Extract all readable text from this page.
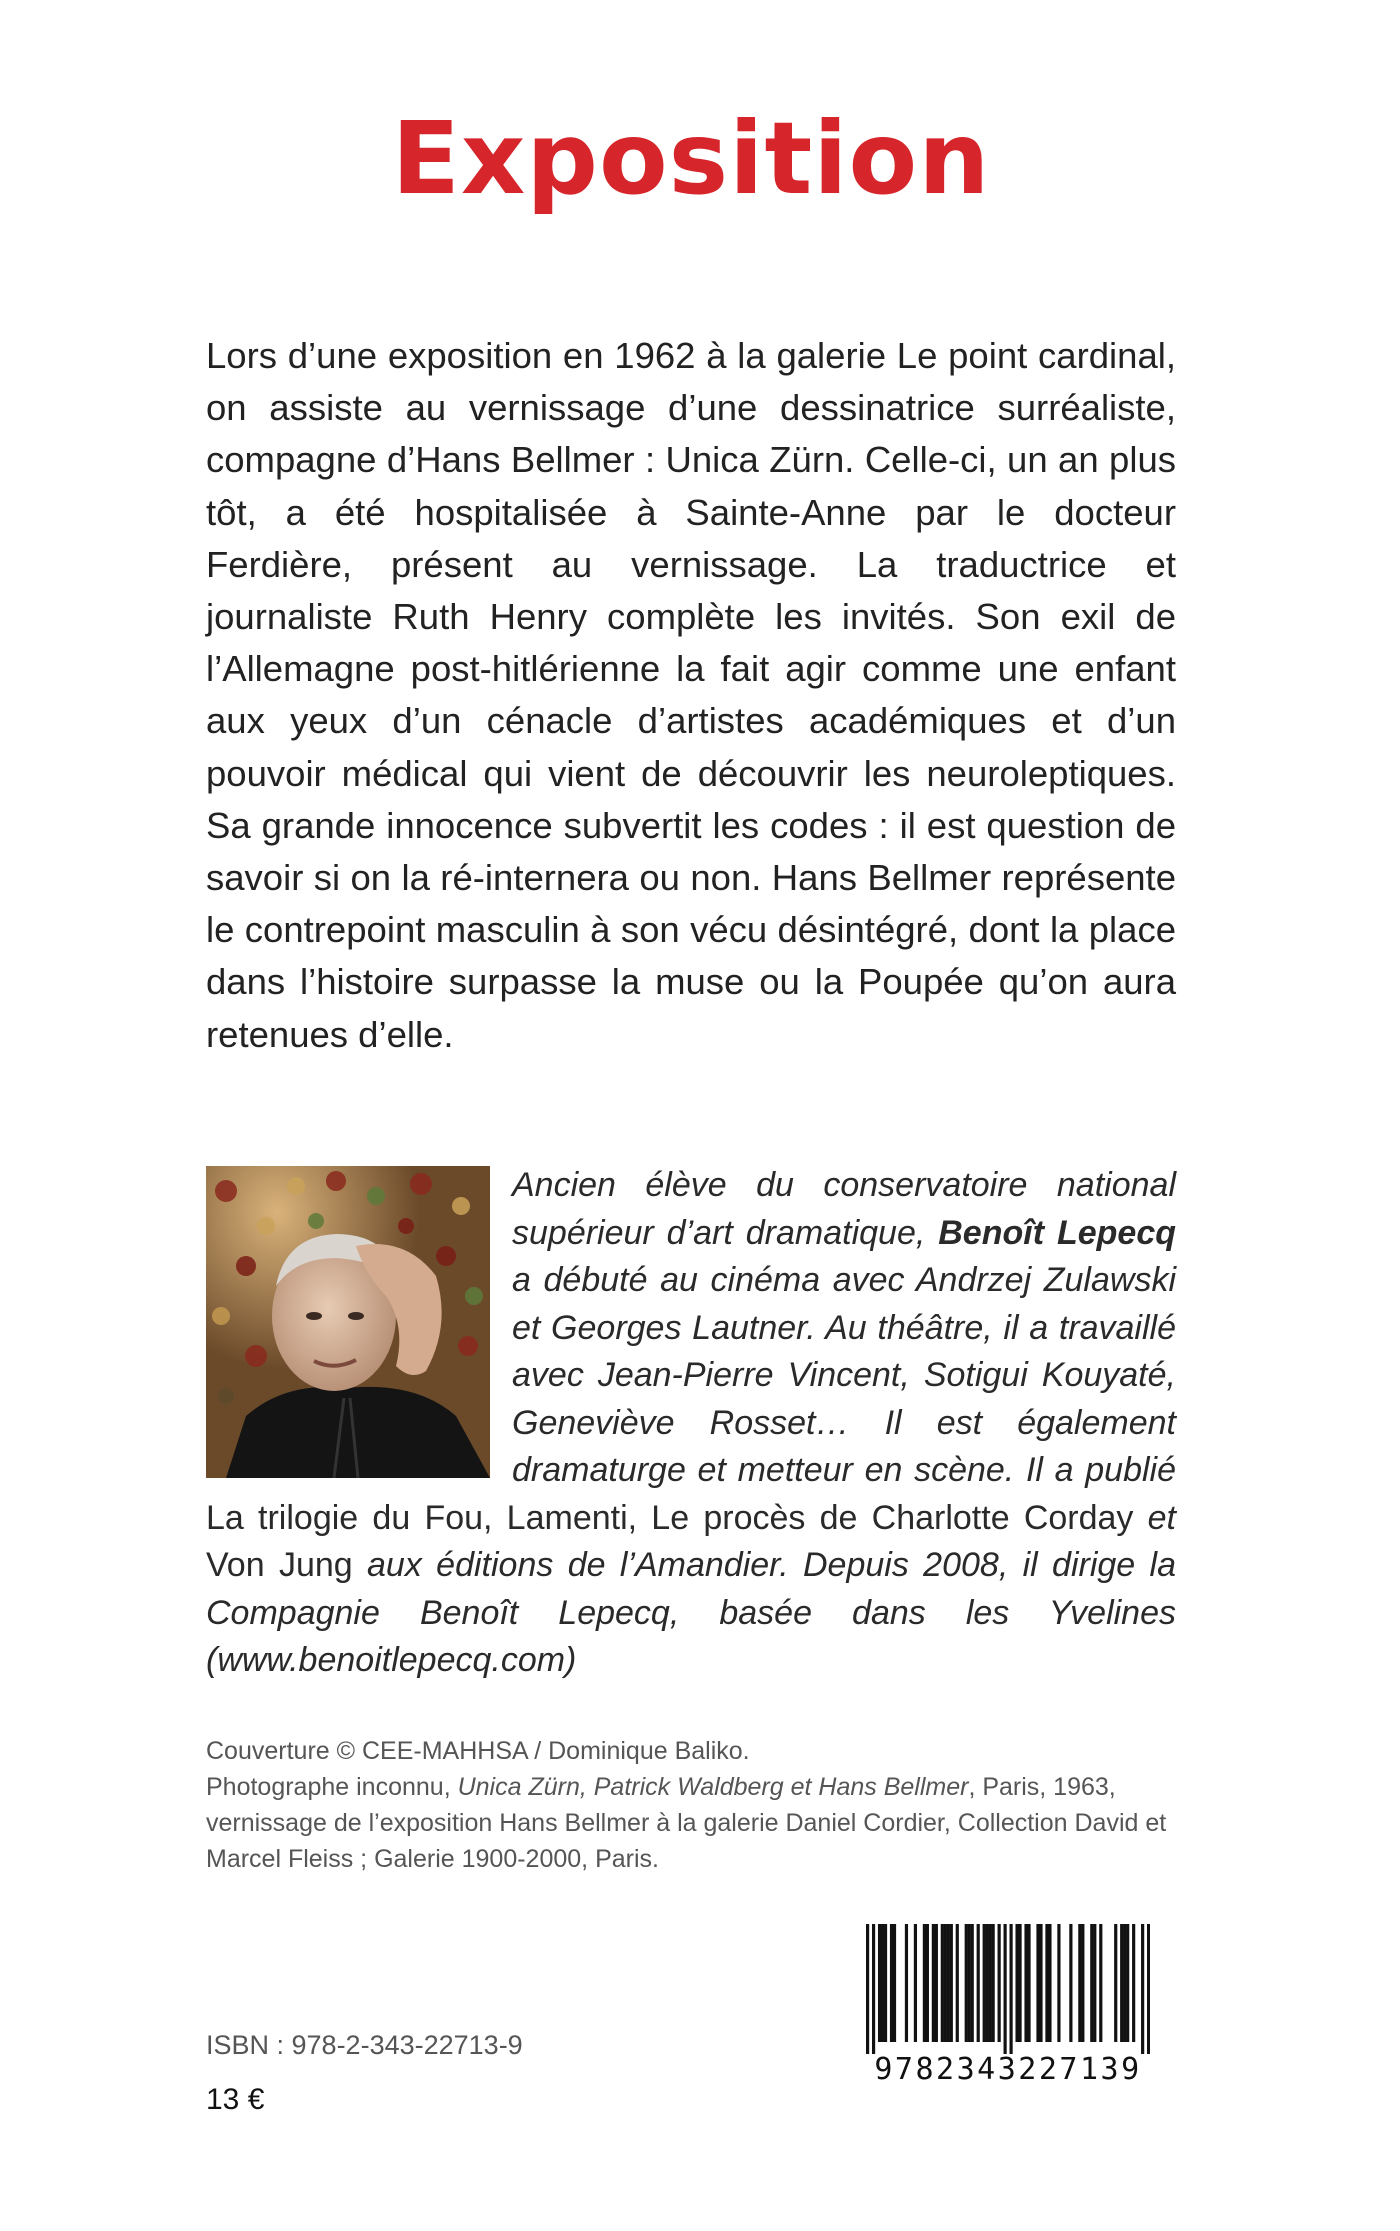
Exposition

Lors d’une exposition en 1962 à la galerie Le point cardinal, on assiste au vernissage d’une dessinatrice surréaliste, compagne d’Hans Bellmer : Unica Zürn. Celle-ci, un an plus tôt, a été hospitalisée à Sainte-Anne par le docteur Ferdière, présent au vernissage. La traductrice et journaliste Ruth Henry complète les invités. Son exil de l’Allemagne post-hitlérienne la fait agir comme une enfant aux yeux d’un cénacle d’artistes académiques et d’un pouvoir médical qui vient de découvrir les neuroleptiques. Sa grande innocence subvertit les codes : il est question de savoir si on la ré-internera ou non. Hans Bellmer représente le contrepoint masculin à son vécu désintégré, dont la place dans l’histoire surpasse la muse ou la Poupée qu’on aura retenues d’elle.

Ancien élève du conservatoire national supérieur d’art dramatique, Benoît Lepecq a débuté au cinéma avec Andrzej Zulawski et Georges Lautner. Au théâtre, il a travaillé avec Jean-Pierre Vincent, Sotigui Kouyaté, Geneviève Rosset… Il est également dramaturge et metteur en scène. Il a publié La trilogie du Fou, Lamenti, Le procès de Charlotte Corday et Von Jung aux éditions de l’Amandier. Depuis 2008, il dirige la Compagnie Benoît Lepecq, basée dans les Yvelines (www.benoitlepecq.com)
Couverture © CEE-MAHHSA / Dominique Baliko.
Photographe inconnu, Unica Zürn, Patrick Waldberg et Hans Bellmer, Paris, 1963, vernissage de l’exposition Hans Bellmer à la galerie Daniel Cordier, Collection David et Marcel Fleiss ; Galerie 1900-2000, Paris.
9782343227139
ISBN : 978-2-343-22713-9
13 €
